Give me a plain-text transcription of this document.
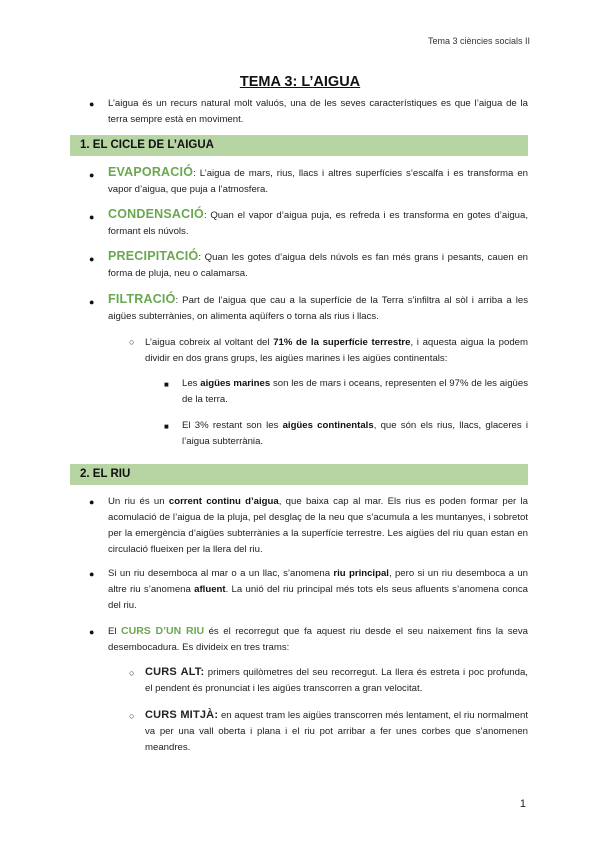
Tema 3 ciències socials II
TEMA 3: L’AIGUA
● L’aigua és un recurs natural molt valuós, una de les seves característiques es que l’aigua de la terra sempre està en moviment.
1. EL CICLE DE L’AIGUA
● EVAPORACIÓ: L’aigua de mars, rius, llacs i altres superfícies s’escalfa i es transforma en vapor d’aigua, que puja a l’atmosfera.
● CONDENSACIÓ: Quan el vapor d’aigua puja, es refreda i es transforma en gotes d’aigua, formant els núvols.
● PRECIPITACIÓ: Quan les gotes d’aigua dels núvols es fan més grans i pesants, cauen en forma de pluja, neu o calamarsa.
● FILTRACIÓ: Part de l’aigua que cau a la superfície de la Terra s’infiltra al sòl i arriba a les aigües subterrànies, on alimenta aqüífers o torna als rius i llacs.
○ L’aigua cobreix al voltant del 71% de la superfície terrestre, i aquesta aigua la podem dividir en dos grans grups, les aigües marines i les aigües continentals:
■ Les aigües marines son les de mars i oceans, representen el 97% de les aigües de la terra.
■ El 3% restant son les aigües continentals, que són els rius, llacs, glaceres i l’aigua subterrània.
2. EL RIU
● Un riu és un corrent continu d’aigua, que baixa cap al mar. Els rius es poden formar per la acomulació de l’aigua de la pluja, pel desglaç de la neu que s’acumula a les muntanyes, i sobretot per la emergència d’aigües subterrànies a la superfície terrestre. Les aigües del riu quan estan en circulació flueixen per la llera del riu.
● Si un riu desemboca al mar o a un llac, s’anomena riu principal, pero si un riu desemboca a un altre riu s’anomena afluent. La unió del riu principal més tots els seus afluents s’anomena conca del riu.
● El CURS D’UN RIU és el recorregut que fa aquest riu desde el seu naixement fins la seva desembocadura. Es divideix en tres trams:
○ CURS ALT: primers quilòmetres del seu recorregut. La llera és estreta i poc profunda, el pendent és pronunciat i les aigües transcorren a gran velocitat.
○ CURS MITJÀ: en aquest tram les aigües transcorren més lentament, el riu normalment va per una vall oberta i plana i el riu pot arribar a fer unes corbes que s’anomenen meandres.
1
